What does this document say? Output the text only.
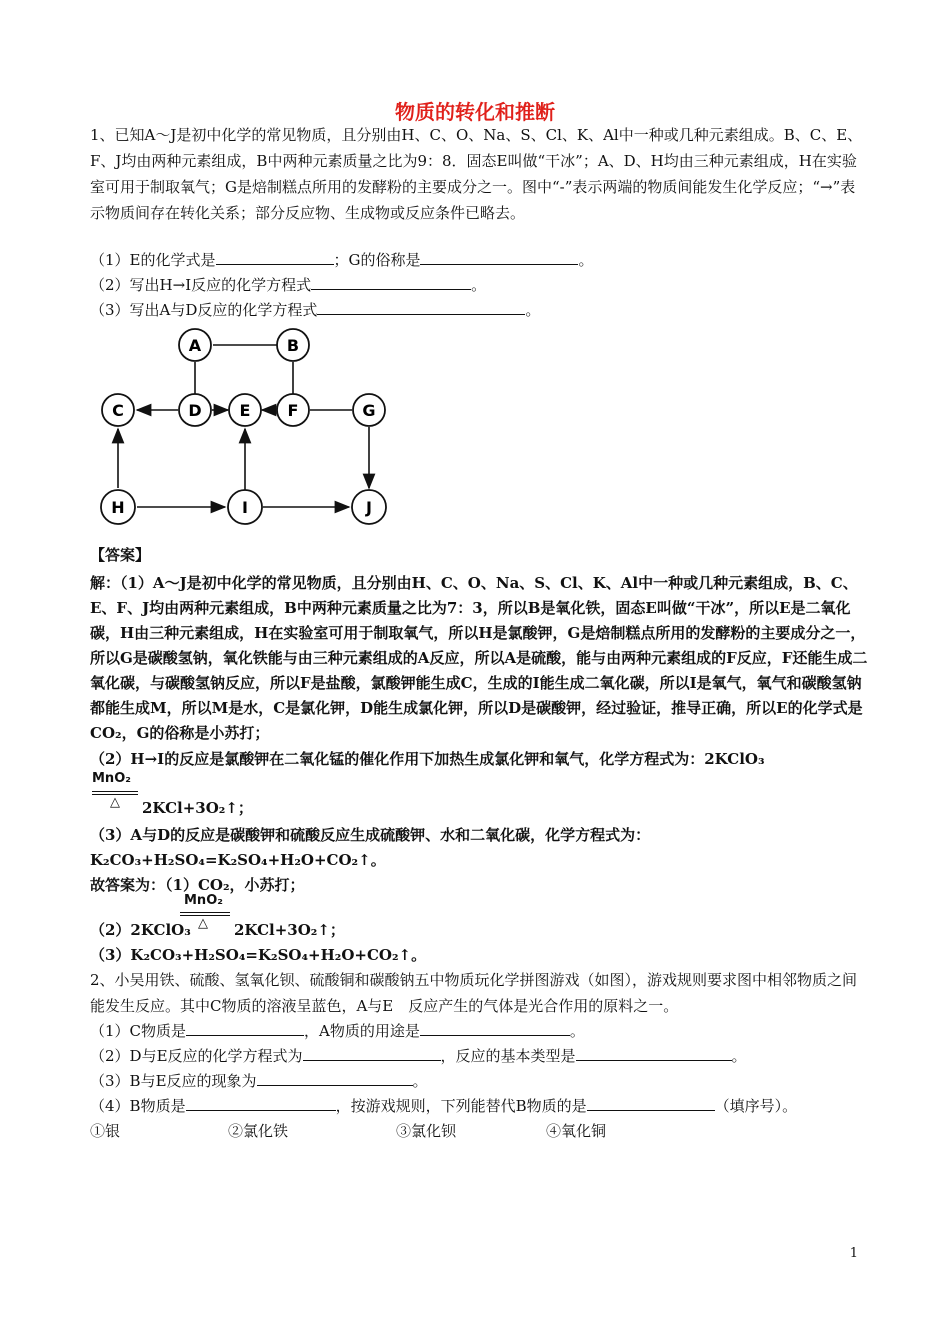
物质的转化和推断
1、已知A～J是初中化学的常见物质，且分别由H、C、O、Na、S、Cl、K、Al中一种或几种元素组成。B、C、E、F、J均由两种元素组成，B中两种元素质量之比为9：8．固态E叫做“干冰”；A、D、H均由三种元素组成，H在实验室可用于制取氧气；G是焙制糕点所用的发酵粉的主要成分之一。图中“-”表示两端的物质间能发生化学反应；“→”表示物质间存在转化关系；部分反应物、生成物或反应条件已略去。
（1）E的化学式是	；G的俗称是	。
（2）写出H→I反应的化学方程式	。
（3）写出A与D反应的化学方程式	。
A	B
C	D E F	G
H	I	J
【答案】
解：（1）A～J是初中化学的常见物质，且分别由H、C、O、Na、S、Cl、K、Al中一种或几种元素组成，B、C、E、F、J均由两种元素组成，B中两种元素质量之比为7：3，所以B是氧化铁，固态E叫做“干冰”，所以E是二氧化碳，H由三种元素组成，H在实验室可用于制取氧气，所以H是氯酸钾，G是焙制糕点所用的发酵粉的主要成分之一，所以G是碳酸氢钠，氧化铁能与由三种元素组成的A反应，所以A是硫酸，能与由两种元素组成的F反应，F还能生成二氧化碳，与碳酸氢钠反应，所以F是盐酸，氯酸钾能生成C，生成的I能生成二氧化碳，所以I是氧气，氧气和碳酸氢钠都能生成M，所以M是水，C是氯化钾，D能生成氯化钾，所以D是碳酸钾，经过验证，推导正确，所以E的化学式是CO₂，G的俗称是小苏打；
（2）H→I的反应是氯酸钾在二氧化锰的催化作用下加热生成氯化钾和氧气，化学方程式为：2KClO₃
MnO₂
△ 2KCl+3O₂↑；
（3）A与D的反应是碳酸钾和硫酸反应生成硫酸钾、水和二氧化碳，化学方程式为：
K₂CO₃+H₂SO₄=K₂SO₄+H₂O+CO₂↑。
故答案为：（1）CO₂，小苏打；
MnO₂
△
（2）2KClO₃	2KCl+3O₂↑；
（3）K₂CO₃+H₂SO₄=K₂SO₄+H₂O+CO₂↑。
2、小吴用铁、硫酸、氢氧化钡、硫酸铜和碳酸钠五中物质玩化学拼图游戏（如图），游戏规则要求图中相邻物质之间能发生反应。其中C物质的溶液呈蓝色，A与E　反应产生的气体是光合作用的原料之一。
（1）C物质是	，A物质的用途是	。
（2）D与E反应的化学方程式为	，反应的基本类型是	。
（3）B与E反应的现象为	。
（4）B物质是	，按游戏规则，下列能替代B物质的是	（填序号）。
①银	②氯化铁	③氯化钡	④氧化铜
1
